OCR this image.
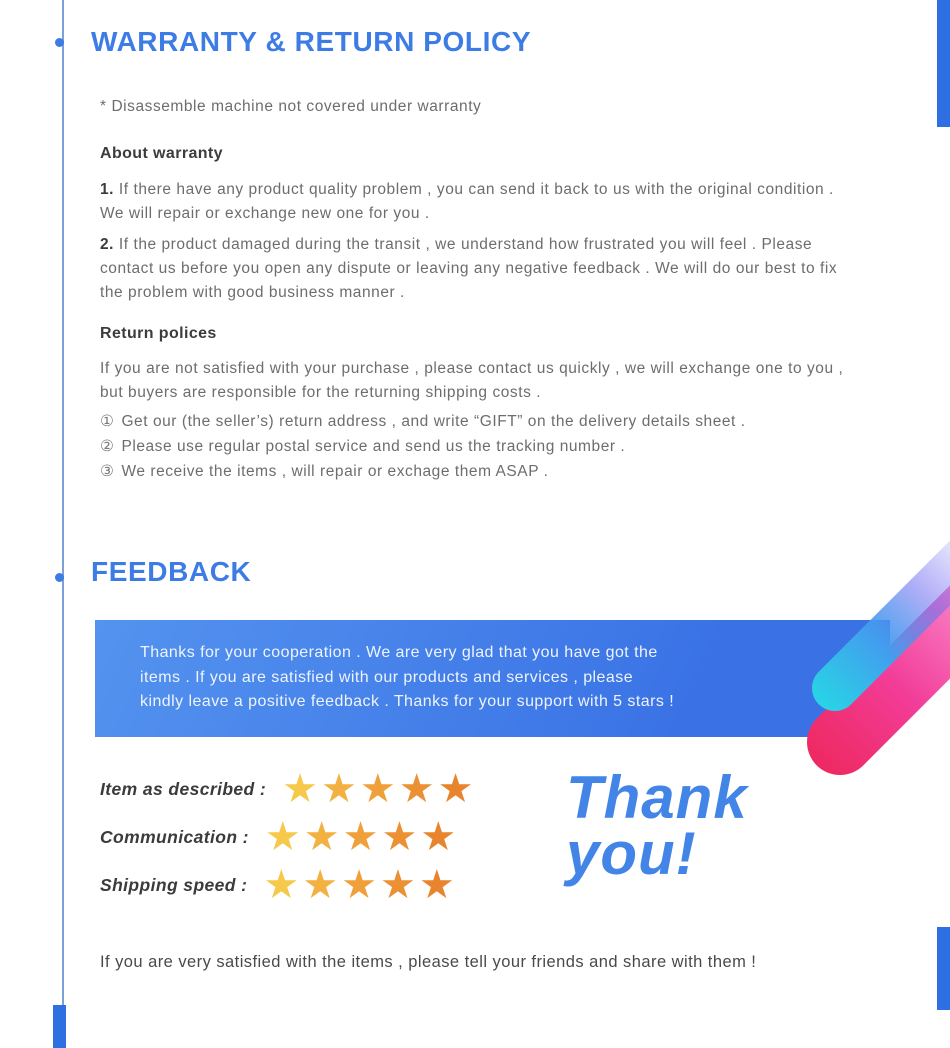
WARRANTY & RETURN POLICY
* Disassemble machine not covered under warranty
About warranty

1. If there have any product quality problem , you can send it back to us with the original condition . We will repair or exchange new one for you .

2. If the product damaged during the transit , we understand how frustrated you will feel . Please contact us before you open any dispute or leaving any negative feedback . We will do our best to fix the problem with good business manner .

Return polices
If you are not satisfied with your purchase , please contact us quickly , we will exchange one to you , but buyers are responsible for the returning shipping costs .

① Get our (the seller’s) return address , and write “GIFT” on the delivery details sheet .

② Please use regular postal service and send us the tracking number .

③ We receive the items , will repair or exchage them ASAP .

FEEDBACK
Thanks for your cooperation . We are very glad that you have got the
items . If you are satisfied with our products and services , please
kindly leave a positive feedback . Thanks for your support with 5 stars !
Item as described : ★ ★ ★ ★ ★
Communication : ★ ★ ★ ★ ★
Shipping speed : ★ ★ ★ ★ ★
Thank
you!
If you are very satisfied with the items , please tell your friends and share with them !
